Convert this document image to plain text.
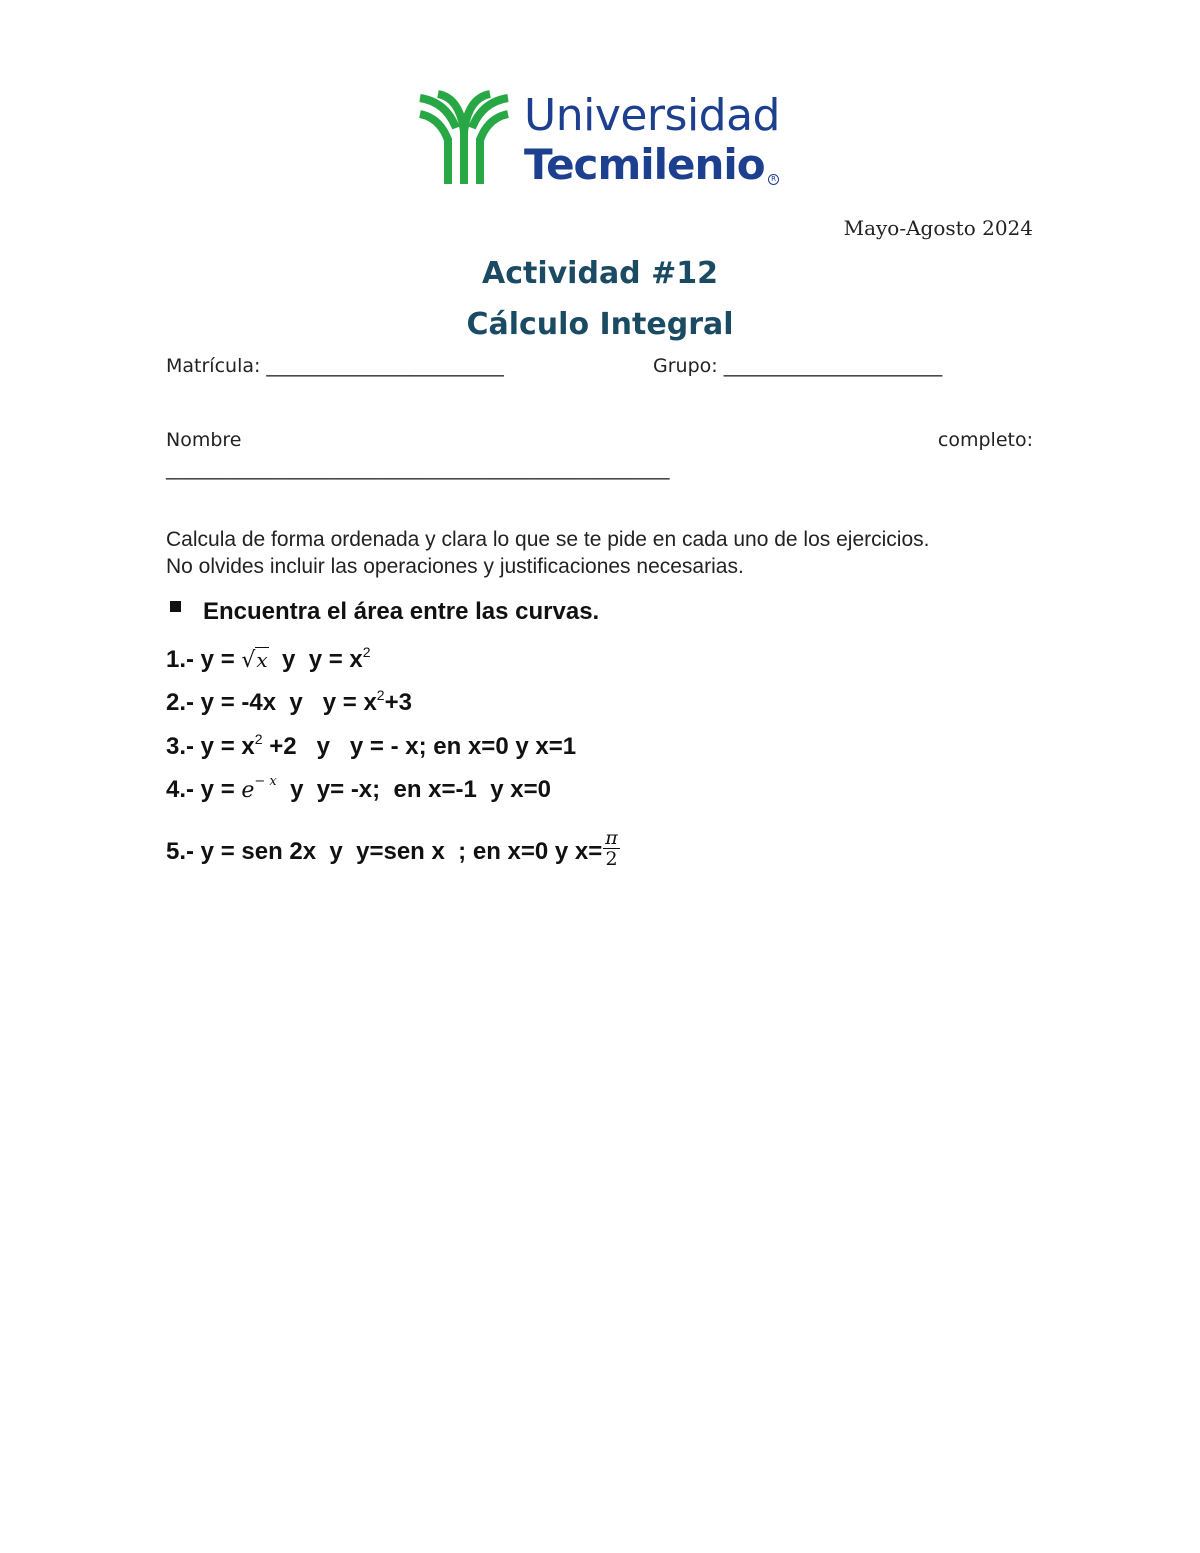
Universidad
Tecmilenio R
Mayo-Agosto 2024
Actividad #12
Cálculo Integral
Matrícula: _________________________	Grupo: _______________________
Nombre	completo:
_____________________________________________________
Calcula de forma ordenada y clara lo que se te pide en cada uno de los ejercicios.
No olvides incluir las operaciones y justificaciones necesarias.
Encuentra el área entre las curvas.
1.- y = √x  y  $y = x^2$
2.- y = -4x  y   $y = x^2+3$
3.- $y = x^2 +2$   y   y = - x; en x=0 y x=1
4.- $y = e^{- x}$  y  y= -x;  en x=-1  y x=0
5.- y = sen 2x  y  y=sen x  ; en x=0 y $x= \frac{\pi}{2}$
